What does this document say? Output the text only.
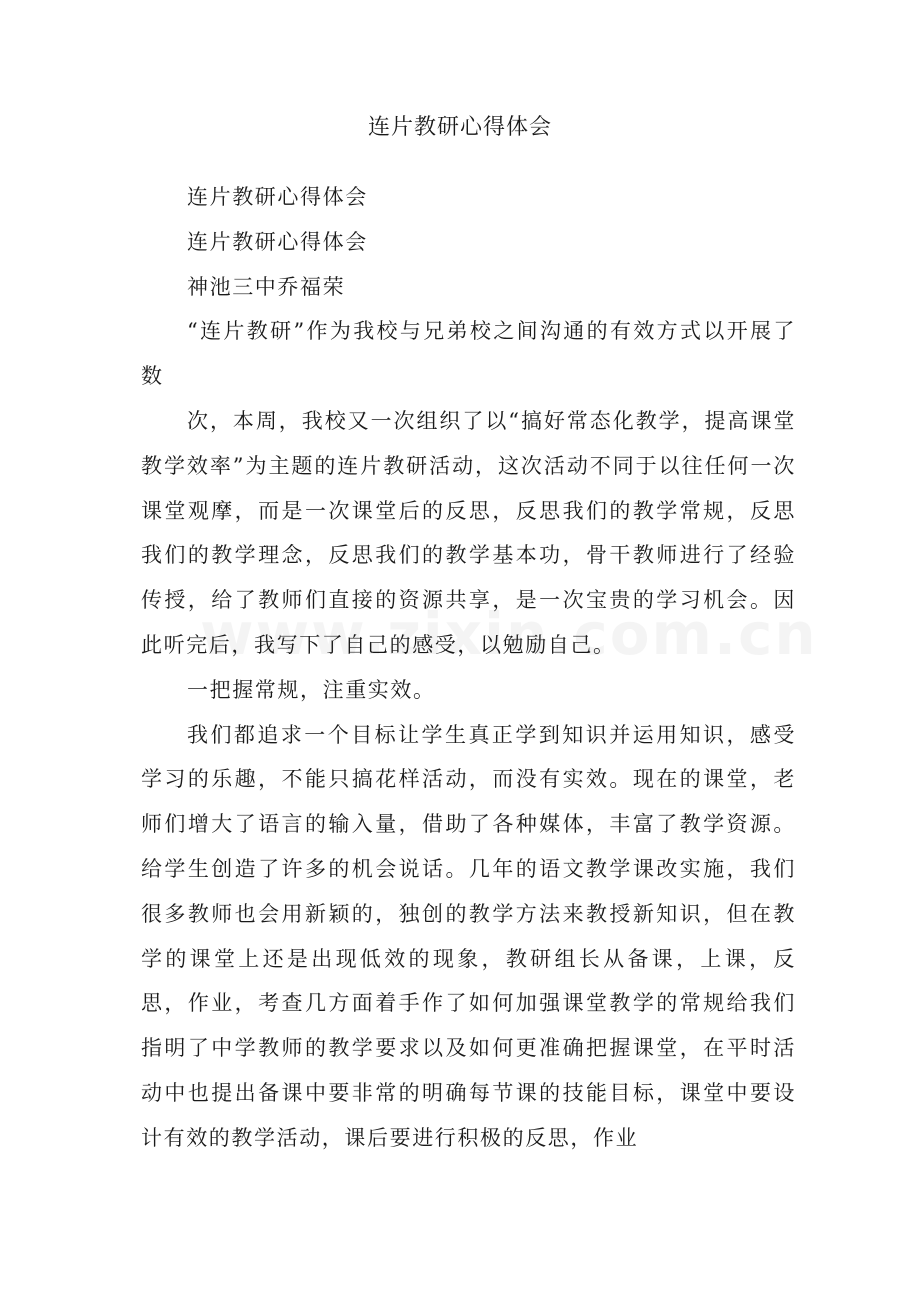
连片教研心得体会

连片教研心得体会

连片教研心得体会

神池三中乔福荣

“连片教研”作为我校与兄弟校之间沟通的有效方式以开展了数

次，本周，我校又一次组织了以“搞好常态化教学，提高课堂教学效率”为主题的连片教研活动，这次活动不同于以往任何一次课堂观摩，而是一次课堂后的反思，反思我们的教学常规，反思我们的教学理念，反思我们的教学基本功，骨干教师进行了经验传授，给了教师们直接的资源共享，是一次宝贵的学习机会。因此听完后，我写下了自己的感受，以勉励自己。

一把握常规，注重实效。

我们都追求一个目标让学生真正学到知识并运用知识，感受学习的乐趣，不能只搞花样活动，而没有实效。现在的课堂，老师们增大了语言的输入量，借助了各种媒体，丰富了教学资源。给学生创造了许多的机会说话。几年的语文教学课改实施，我们很多教师也会用新颖的，独创的教学方法来教授新知识，但在教学的课堂上还是出现低效的现象，教研组长从备课，上课，反思，作业，考查几方面着手作了如何加强课堂教学的常规给我们指明了中学教师的教学要求以及如何更准确把握课堂，在平时活动中也提出备课中要非常的明确每节课的技能目标，课堂中要设计有效的教学活动，课后要进行积极的反思，作业
